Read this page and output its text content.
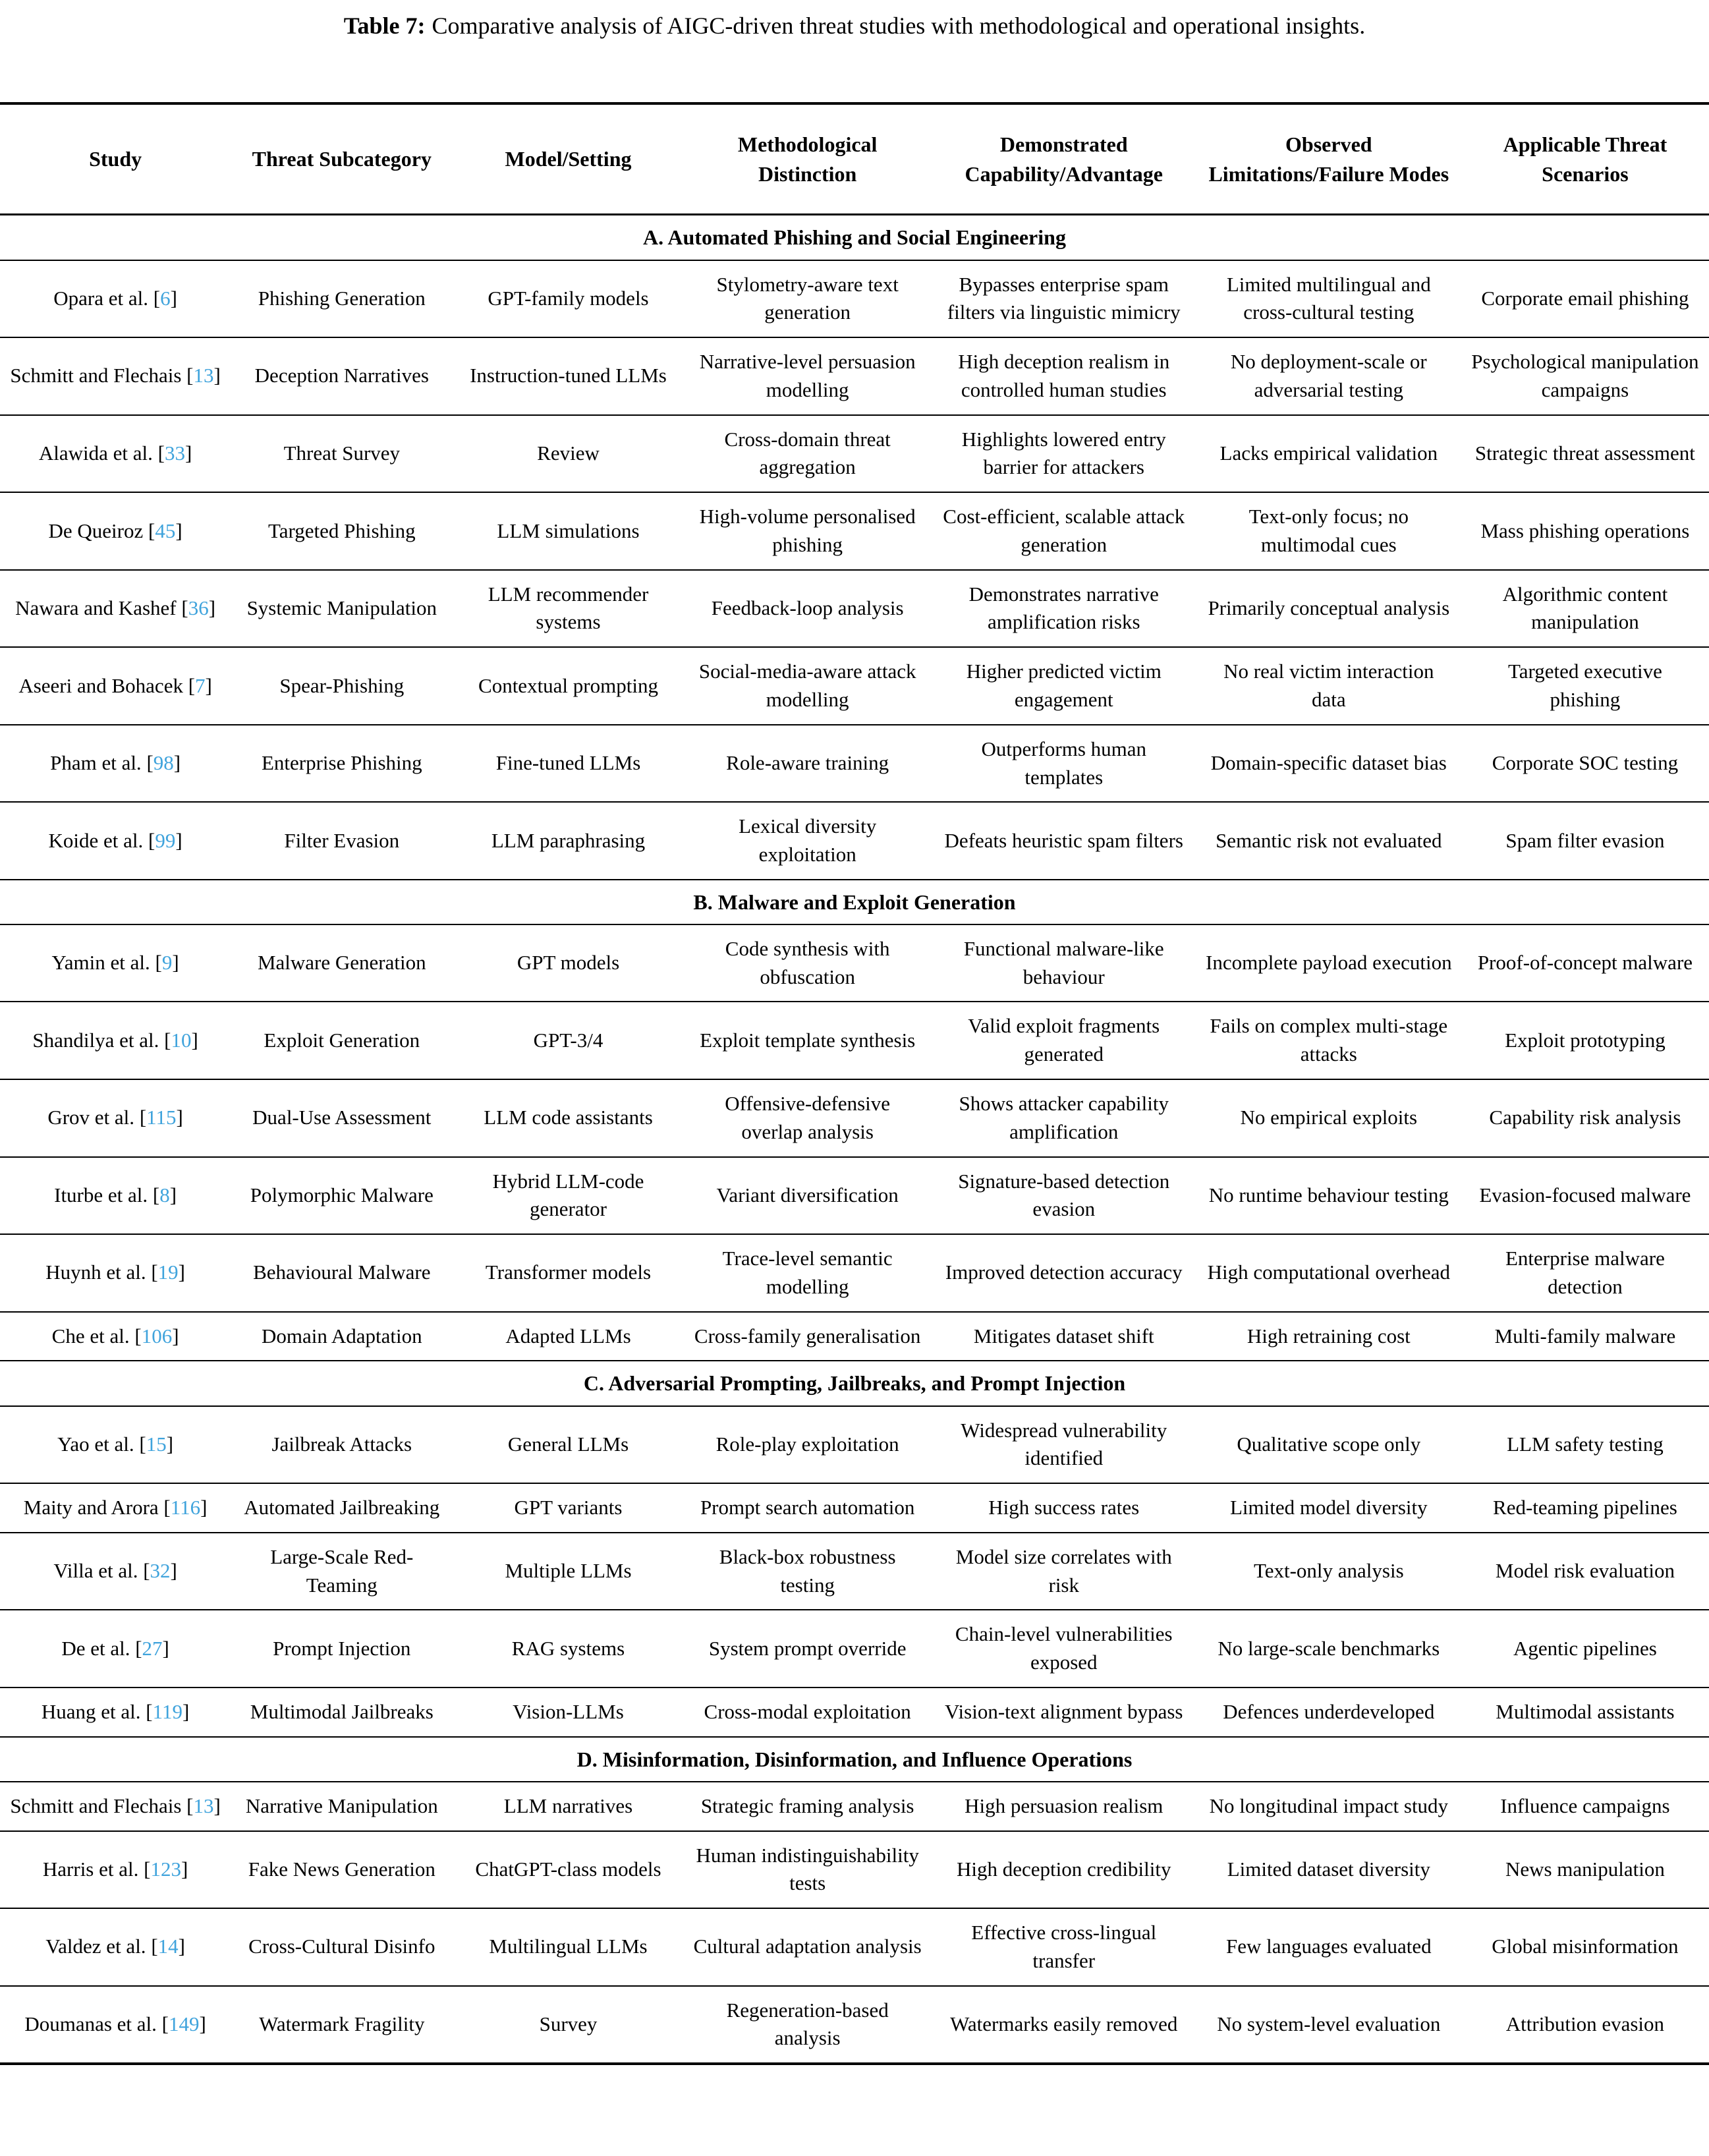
Table 7: Comparative analysis of AIGC-driven threat studies with methodological and operational insights.
Study	Threat Subcategory	Model/Setting	Methodological Distinction	Demonstrated Capability/Advantage	Observed Limitations/Failure Modes	Applicable Threat Scenarios
A. Automated Phishing and Social Engineering						
Opara et al. [6]	Phishing Generation	GPT-family models	Stylometry-aware text generation	Bypasses enterprise spam filters via linguistic mimicry	Limited multilingual and cross-cultural testing	Corporate email phishing
Schmitt and Flechais [13]	Deception Narratives	Instruction-tuned LLMs	Narrative-level persuasion modelling	High deception realism in controlled human studies	No deployment-scale or adversarial testing	Psychological manipulation campaigns
Alawida et al. [33]	Threat Survey	Review	Cross-domain threat aggregation	Highlights lowered entry barrier for attackers	Lacks empirical validation	Strategic threat assessment
De Queiroz [45]	Targeted Phishing	LLM simulations	High-volume personalised phishing	Cost-efficient, scalable attack generation	Text-only focus; no multimodal cues	Mass phishing operations
Nawara and Kashef [36]	Systemic Manipulation	LLM recommender systems	Feedback-loop analysis	Demonstrates narrative amplification risks	Primarily conceptual analysis	Algorithmic content manipulation
Aseeri and Bohacek [7]	Spear-Phishing	Contextual prompting	Social-media-aware attack modelling	Higher predicted victim engagement	No real victim interaction data	Targeted executive phishing
Pham et al. [98]	Enterprise Phishing	Fine-tuned LLMs	Role-aware training	Outperforms human templates	Domain-specific dataset bias	Corporate SOC testing
Koide et al. [99]	Filter Evasion	LLM paraphrasing	Lexical diversity exploitation	Defeats heuristic spam filters	Semantic risk not evaluated	Spam filter evasion
B. Malware and Exploit Generation						
Yamin et al. [9]	Malware Generation	GPT models	Code synthesis with obfuscation	Functional malware-like behaviour	Incomplete payload execution	Proof-of-concept malware
Shandilya et al. [10]	Exploit Generation	GPT-3/4	Exploit template synthesis	Valid exploit fragments generated	Fails on complex multi-stage attacks	Exploit prototyping
Grov et al. [115]	Dual-Use Assessment	LLM code assistants	Offensive-defensive overlap analysis	Shows attacker capability amplification	No empirical exploits	Capability risk analysis
Iturbe et al. [8]	Polymorphic Malware	Hybrid LLM-code generator	Variant diversification	Signature-based detection evasion	No runtime behaviour testing	Evasion-focused malware
Huynh et al. [19]	Behavioural Malware	Transformer models	Trace-level semantic modelling	Improved detection accuracy	High computational overhead	Enterprise malware detection
Che et al. [106]	Domain Adaptation	Adapted LLMs	Cross-family generalisation	Mitigates dataset shift	High retraining cost	Multi-family malware
C. Adversarial Prompting, Jailbreaks, and Prompt Injection						
Yao et al. [15]	Jailbreak Attacks	General LLMs	Role-play exploitation	Widespread vulnerability identified	Qualitative scope only	LLM safety testing
Maity and Arora [116]	Automated Jailbreaking	GPT variants	Prompt search automation	High success rates	Limited model diversity	Red-teaming pipelines
Villa et al. [32]	Large-Scale Red-Teaming	Multiple LLMs	Black-box robustness testing	Model size correlates with risk	Text-only analysis	Model risk evaluation
De et al. [27]	Prompt Injection	RAG systems	System prompt override	Chain-level vulnerabilities exposed	No large-scale benchmarks	Agentic pipelines
Huang et al. [119]	Multimodal Jailbreaks	Vision-LLMs	Cross-modal exploitation	Vision-text alignment bypass	Defences underdeveloped	Multimodal assistants
D. Misinformation, Disinformation, and Influence Operations						
Schmitt and Flechais [13]	Narrative Manipulation	LLM narratives	Strategic framing analysis	High persuasion realism	No longitudinal impact study	Influence campaigns
Harris et al. [123]	Fake News Generation	ChatGPT-class models	Human indistinguishability tests	High deception credibility	Limited dataset diversity	News manipulation
Valdez et al. [14]	Cross-Cultural Disinfo	Multilingual LLMs	Cultural adaptation analysis	Effective cross-lingual transfer	Few languages evaluated	Global misinformation
Doumanas et al. [149]	Watermark Fragility	Survey	Regeneration-based analysis	Watermarks easily removed	No system-level evaluation	Attribution evasion
